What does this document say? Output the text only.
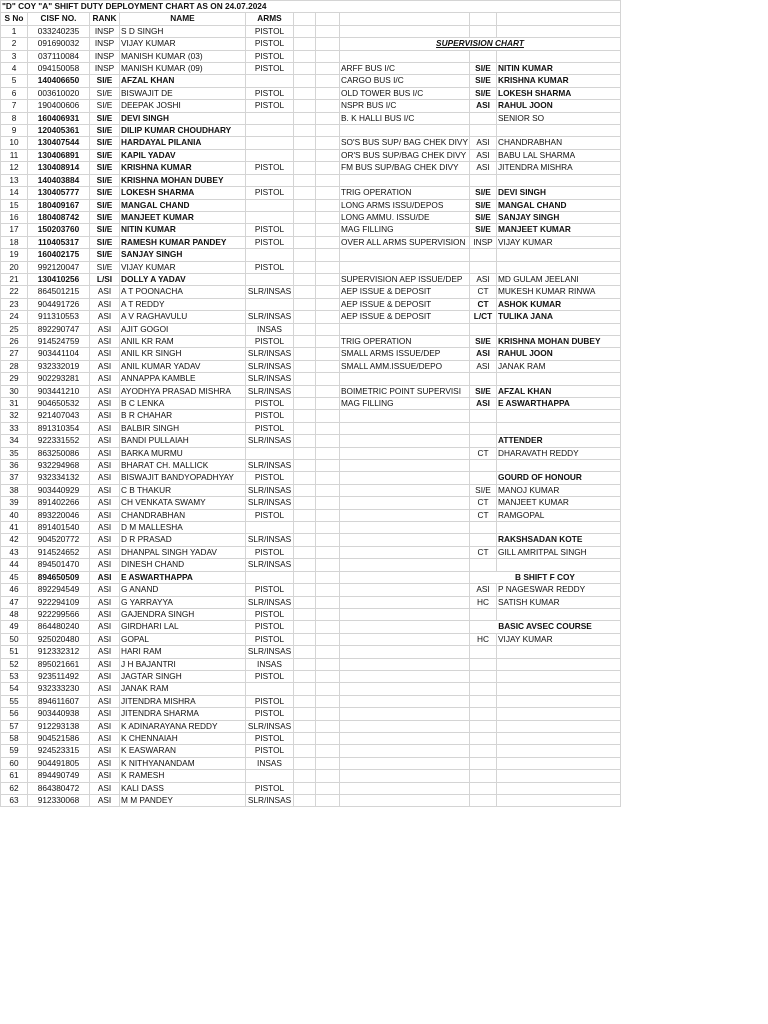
"D" COY "A" SHIFT DUTY DEPLOYMENT CHART AS ON 24.07.2024									
S No	CISF NO.	RANK	NAME	ARMS					
1	033240235	INSP	S D SINGH	PISTOL					
2	091690032	INSP	VIJAY KUMAR	PISTOL			SUPERVISION CHART		
3	037110084	INSP	MANISH KUMAR (03)	PISTOL					
4	094150058	INSP	MANISH KUMAR (09)	PISTOL			ARFF BUS I/C	SI/E	NITIN KUMAR
5	140406650	SI/E	AFZAL KHAN				CARGO BUS I/C	SI/E	KRISHNA KUMAR
6	003610020	SI/E	BISWAJIT DE	PISTOL			OLD TOWER BUS I/C	SI/E	LOKESH SHARMA
7	190400606	SI/E	DEEPAK JOSHI	PISTOL			NSPR BUS I/C	ASI	RAHUL JOON
8	160406931	SI/E	DEVI SINGH				B. K HALLI BUS I/C		SENIOR SO
9	120405361	SI/E	DILIP KUMAR CHOUDHARY						
10	130407544	SI/E	HARDAYAL PILANIA				SO'S BUS SUP/ BAG CHEK DIVY	ASI	CHANDRABHAN
11	130406891	SI/E	KAPIL YADAV				OR'S BUS SUP/BAG CHEK DIVY	ASI	BABU LAL SHARMA
12	130408914	SI/E	KRISHNA KUMAR	PISTOL			FM BUS SUP/BAG CHEK DIVY	ASI	JITENDRA MISHRA
13	140403884	SI/E	KRISHNA MOHAN DUBEY						
14	130405777	SI/E	LOKESH SHARMA	PISTOL			TRIG OPERATION	SI/E	DEVI SINGH
15	180409167	SI/E	MANGAL CHAND				LONG ARMS ISSU/DEPOS	SI/E	MANGAL CHAND
16	180408742	SI/E	MANJEET KUMAR				LONG AMMU. ISSU/DE	SI/E	SANJAY SINGH
17	150203760	SI/E	NITIN KUMAR	PISTOL			MAG FILLING	SI/E	MANJEET KUMAR
18	110405317	SI/E	RAMESH KUMAR PANDEY	PISTOL			OVER ALL ARMS SUPERVISION	INSP	VIJAY KUMAR
19	160402175	SI/E	SANJAY SINGH						
20	992120047	SI/E	VIJAY KUMAR	PISTOL					
21	130410256	L/SI	DOLLY A YADAV				SUPERVISION AEP ISSUE/DEP	ASI	MD GULAM JEELANI
22	864501215	ASI	A T POONACHA	SLR/INSAS			AEP ISSUE & DEPOSIT	CT	MUKESH KUMAR RINWA
23	904491726	ASI	A T REDDY				AEP ISSUE & DEPOSIT	CT	ASHOK KUMAR
24	911310553	ASI	A V RAGHAVULU	SLR/INSAS			AEP ISSUE & DEPOSIT	L/CT	TULIKA JANA
25	892290747	ASI	AJIT GOGOI	INSAS					
26	914524759	ASI	ANIL KR RAM	PISTOL			TRIG OPERATION	SI/E	KRISHNA MOHAN DUBEY
27	903441104	ASI	ANIL KR SINGH	SLR/INSAS			SMALL ARMS ISSUE/DEP	ASI	RAHUL JOON
28	932332019	ASI	ANIL KUMAR YADAV	SLR/INSAS			SMALL AMM.ISSUE/DEPO	ASI	JANAK RAM
29	902293281	ASI	ANNAPPA KAMBLE	SLR/INSAS					
30	903441210	ASI	AYODHYA PRASAD MISHRA	SLR/INSAS			BOIMETRIC POINT SUPERVISI	SI/E	AFZAL KHAN
31	904650532	ASI	B C LENKA	PISTOL			MAG FILLING	ASI	E ASWARTHAPPA
32	921407043	ASI	B R CHAHAR	PISTOL					
33	891310354	ASI	BALBIR SINGH	PISTOL					
34	922331552	ASI	BANDI PULLAIAH	SLR/INSAS					ATTENDER
35	863250086	ASI	BARKA MURMU					CT	DHARAVATH REDDY
36	932294968	ASI	BHARAT CH. MALLICK	SLR/INSAS					
37	932334132	ASI	BISWAJIT BANDYOPADHYAY	PISTOL					GOURD OF HONOUR
38	903440929	ASI	C B THAKUR	SLR/INSAS				SI/E	MANOJ KUMAR
39	891402266	ASI	CH VENKATA SWAMY	SLR/INSAS				CT	MANJEET KUMAR
40	893220046	ASI	CHANDRABHAN	PISTOL				CT	RAMGOPAL
41	891401540	ASI	D M MALLESHA						
42	904520772	ASI	D R PRASAD	SLR/INSAS					RAKSHSADAN KOTE
43	914524652	ASI	DHANPAL SINGH YADAV	PISTOL				CT	GILL AMRITPAL SINGH
44	894501470	ASI	DINESH CHAND	SLR/INSAS					
45	894650509	ASI	E ASWARTHAPPA					B SHIFT F COY	
46	892294549	ASI	G ANAND	PISTOL				ASI	P NAGESWAR REDDY
47	922294109	ASI	G YARRAYYA	SLR/INSAS				HC	SATISH KUMAR
48	922299566	ASI	GAJENDRA SINGH	PISTOL					
49	864480240	ASI	GIRDHARI LAL	PISTOL				BASIC AVSEC COURSE	
50	925020480	ASI	GOPAL	PISTOL				HC	VIJAY KUMAR
51	912332312	ASI	HARI RAM	SLR/INSAS					
52	895021661	ASI	J H BAJANTRI	INSAS					
53	923511492	ASI	JAGTAR SINGH	PISTOL					
54	932333230	ASI	JANAK RAM						
55	894611607	ASI	JITENDRA MISHRA	PISTOL					
56	903440938	ASI	JITENDRA SHARMA	PISTOL					
57	912293138	ASI	K ADINARAYANA REDDY	SLR/INSAS					
58	904521586	ASI	K CHENNAIAH	PISTOL					
59	924523315	ASI	K EASWARAN	PISTOL					
60	904491805	ASI	K NITHYANANDAM	INSAS					
61	894490749	ASI	K RAMESH						
62	864380472	ASI	KALI DASS	PISTOL					
63	912330068	ASI	M M PANDEY	SLR/INSAS					
